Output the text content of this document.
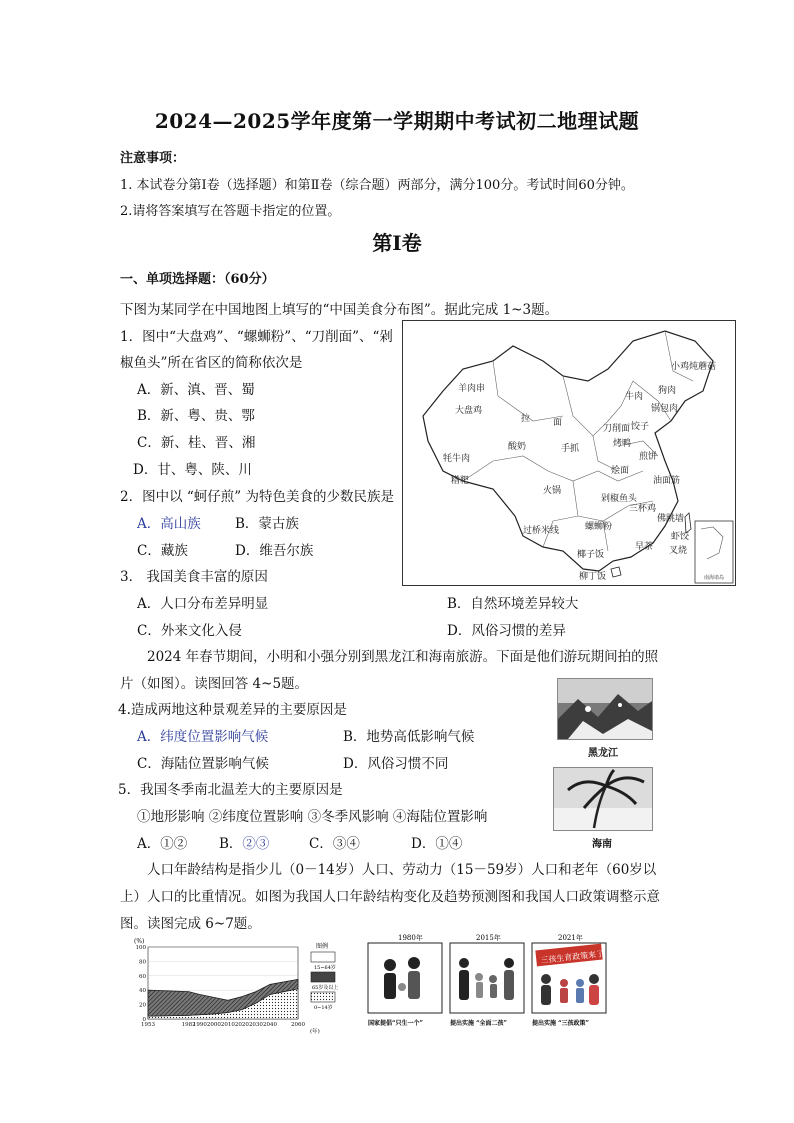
2024—2025学年度第一学期期中考试初二地理试题
注意事项：
1. 本试卷分第Ⅰ卷（选择题）和第Ⅱ卷（综合题）两部分，满分100分。考试时间60分钟。
2.请将答案填写在答题卡指定的位置。
第Ⅰ卷
一、单项选择题：（60分）
下图为某同学在中国地图上填写的“中国美食分布图”。据此完成 1~3题。
1．图中“大盘鸡”、“螺蛳粉”、“刀削面”、“剁
椒鱼头”所在省区的简称依次是
A．新、滇、晋、蜀
B．新、粤、贵、鄂
C．新、桂、晋、湘
D．甘、粤、陕、川
2．图中以 “蚵仔煎” 为特色美食的少数民族是
A．高山族	B．蒙古族
C．藏族	D．维吾尔族
3． 我国美食丰富的原因
A．人口分布差异明显	B．自然环境差异较大
C．外来文化入侵	D．风俗习惯的差异
南海诸岛
羊肉串
大盘鸡
牦牛肉
糌粑
拉	面
手抓
酸奶
火锅
刀削面
小鸡炖蘑菇
锅包肉
狗肉
牛肉
烤鸭
煎饼
饺子
烩面
油面筋
三杯鸡
剁椒鱼头
螺蛳粉
过桥米线
早茶
佛跳墙
虾饺
叉烧
椰子饭
柳丁饭
2024 年春节期间，小明和小强分别到黑龙江和海南旅游。下面是他们游玩期间拍的照
片（如图）。读图回答 4~5题。
黑龙江
海南
4.造成两地这种景观差异的主要原因是
A．纬度位置影响气候	B．地势高低影响气候
C．海陆位置影响气候	D．风俗习惯不同
5．我国冬季南北温差大的主要原因是
①地形影响 ②纬度位置影响 ③冬季风影响 ④海陆位置影响
A．①② B．②③	C．③④	D．①④
人口年龄结构是指少儿（0－14岁）人口、劳动力（15－59岁）人口和老年（60岁以
上）人口的比重情况。如图为我国人口年龄结构变化及趋势预测图和我国人口政策调整示意
图。读图完成 6~7题。
(%)
0
20
40
60
80
100
1953	1982
1990 2000 2010 2020 2030 2040	2060
(年)
图例
15~64岁
65岁及以上
0~14岁
1980年	2015年	2021年
三孩生育政策来了
国家提倡“只生一个”	提出实施 “全面二孩”	提出实施 “三孩政策”
